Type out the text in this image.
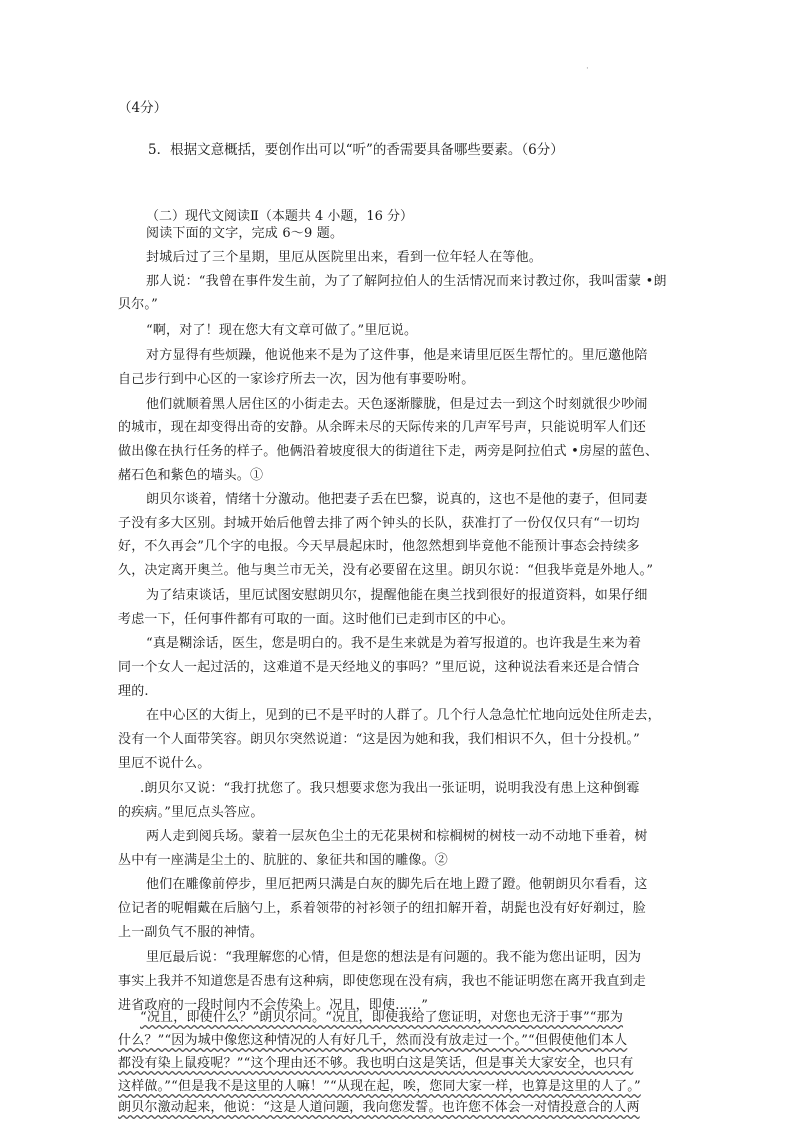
·
（4分）
5．根据文意概括，要创作出可以“听”的香需要具备哪些要素。（6分）
（二）现代文阅读Ⅱ（本题共 4 小题，16 分）
阅读下面的文字，完成 6～9 题。
封城后过了三个星期，里厄从医院里出来，看到一位年轻人在等他。
那人说：“我曾在事件发生前，为了了解阿拉伯人的生活情况而来讨教过你，我叫雷蒙 •朗
贝尔。”
“啊，对了！现在您大有文章可做了。”里厄说。
对方显得有些烦躁，他说他来不是为了这件事，他是来请里厄医生帮忙的。里厄邀他陪
自己步行到中心区的一家诊疗所去一次，因为他有事要吩咐。
他们就顺着黑人居住区的小街走去。天色逐渐朦胧，但是过去一到这个时刻就很少吵闹
的城市，现在却变得出奇的安静。从余晖未尽的天际传来的几声军号声，只能说明军人们还
做出像在执行任务的样子。他俩沿着坡度很大的街道往下走，两旁是阿拉伯式 •房屋的蓝色、
赭石色和紫色的墙头。①
朗贝尔谈着，情绪十分激动。他把妻子丢在巴黎，说真的，这也不是他的妻子，但同妻
子没有多大区别。封城开始后他曾去排了两个钟头的长队，获准打了一份仅仅只有“一切均
好，不久再会”几个字的电报。今天早晨起床时，他忽然想到毕竟他不能预计事态会持续多
久，决定离开奥兰。他与奥兰市无关，没有必要留在这里。朗贝尔说：“但我毕竟是外地人。”
为了结束谈话，里厄试图安慰朗贝尔，提醒他能在奥兰找到很好的报道资料，如果仔细
考虑一下，任何事件都有可取的一面。这时他们已走到市区的中心。
“真是糊涂话，医生，您是明白的。我不是生来就是为着写报道的。也许我是生来为着
同一个女人一起过活的，这难道不是天经地义的事吗？”里厄说，这种说法看来还是合情合
理的.
在中心区的大街上，见到的已不是平时的人群了。几个行人急急忙忙地向远处住所走去，
没有一个人面带笑容。朗贝尔突然说道：“这是因为她和我，我们相识不久，但十分投机。”
里厄不说什么。
.朗贝尔又说：“我打扰您了。我只想要求您为我出一张证明，说明我没有患上这种倒霉
的疾病。”里厄点头答应。
两人走到阅兵场。蒙着一层灰色尘土的无花果树和棕榈树的树枝一动不动地下垂着，树
丛中有一座满是尘土的、肮脏的、象征共和国的雕像。②
他们在雕像前停步，里厄把两只满是白灰的脚先后在地上蹬了蹬。他朝朗贝尔看看，这
位记者的呢帽戴在后脑勺上，系着领带的衬衫领子的纽扣解开着，胡髭也没有好好剃过，脸
上一副负气不服的神情。
里厄最后说：“我理解您的心情，但是您的想法是有问题的。我不能为您出证明，因为
事实上我并不知道您是否患有这种病，即使您现在没有病，我也不能证明您在离开我直到走
进省政府的一段时间内不会传染上。况且，即使......”
“况且，即使什么？”朗贝尔问。“况且，即使我给了您证明，对您也无济于事”“那为
什么？”“因为城中像您这种情况的人有好几千，然而没有放走过一个。”“但假使他们本人
都没有染上鼠疫呢？”“这个理由还不够。我也明白这是笑话，但是事关大家安全，也只有
这样做。”“但是我不是这里的人嘛！”“从现在起，唉，您同大家一样，也算是这里的人了。”
朗贝尔激动起来，他说：“这是人道问题，我向您发誓。也许您不体会一对情投意合的人两
